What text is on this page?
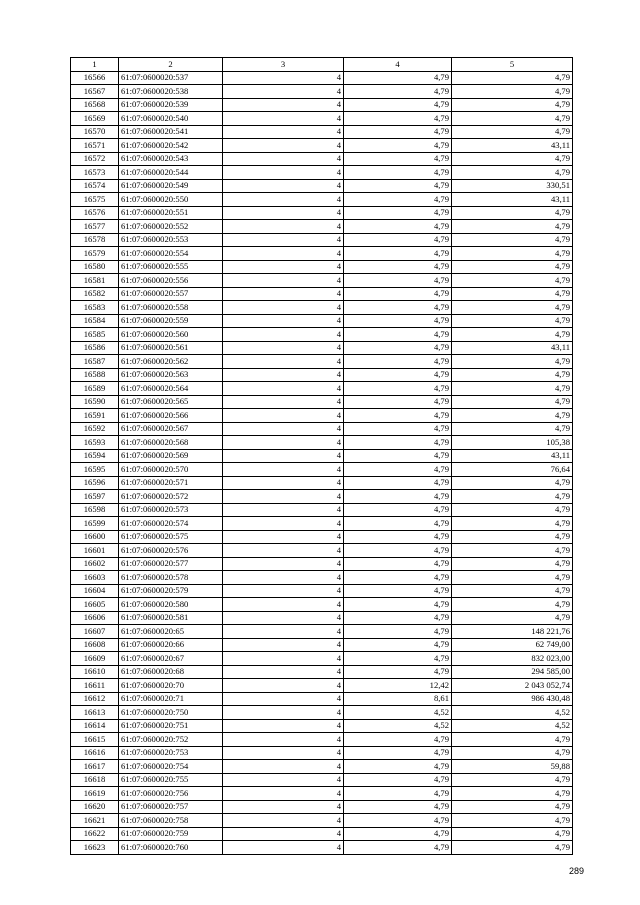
1	2	3	4	5
16566	61:07:0600020:537	4	4,79	4,79
16567	61:07:0600020:538	4	4,79	4,79
16568	61:07:0600020:539	4	4,79	4,79
16569	61:07:0600020:540	4	4,79	4,79
16570	61:07:0600020:541	4	4,79	4,79
16571	61:07:0600020:542	4	4,79	43,11
16572	61:07:0600020:543	4	4,79	4,79
16573	61:07:0600020:544	4	4,79	4,79
16574	61:07:0600020:549	4	4,79	330,51
16575	61:07:0600020:550	4	4,79	43,11
16576	61:07:0600020:551	4	4,79	4,79
16577	61:07:0600020:552	4	4,79	4,79
16578	61:07:0600020:553	4	4,79	4,79
16579	61:07:0600020:554	4	4,79	4,79
16580	61:07:0600020:555	4	4,79	4,79
16581	61:07:0600020:556	4	4,79	4,79
16582	61:07:0600020:557	4	4,79	4,79
16583	61:07:0600020:558	4	4,79	4,79
16584	61:07:0600020:559	4	4,79	4,79
16585	61:07:0600020:560	4	4,79	4,79
16586	61:07:0600020:561	4	4,79	43,11
16587	61:07:0600020:562	4	4,79	4,79
16588	61:07:0600020:563	4	4,79	4,79
16589	61:07:0600020:564	4	4,79	4,79
16590	61:07:0600020:565	4	4,79	4,79
16591	61:07:0600020:566	4	4,79	4,79
16592	61:07:0600020:567	4	4,79	4,79
16593	61:07:0600020:568	4	4,79	105,38
16594	61:07:0600020:569	4	4,79	43,11
16595	61:07:0600020:570	4	4,79	76,64
16596	61:07:0600020:571	4	4,79	4,79
16597	61:07:0600020:572	4	4,79	4,79
16598	61:07:0600020:573	4	4,79	4,79
16599	61:07:0600020:574	4	4,79	4,79
16600	61:07:0600020:575	4	4,79	4,79
16601	61:07:0600020:576	4	4,79	4,79
16602	61:07:0600020:577	4	4,79	4,79
16603	61:07:0600020:578	4	4,79	4,79
16604	61:07:0600020:579	4	4,79	4,79
16605	61:07:0600020:580	4	4,79	4,79
16606	61:07:0600020:581	4	4,79	4,79
16607	61:07:0600020:65	4	4,79	148 221,76
16608	61:07:0600020:66	4	4,79	62 749,00
16609	61:07:0600020:67	4	4,79	832 023,00
16610	61:07:0600020:68	4	4,79	294 585,00
16611	61:07:0600020:70	4	12,42	2 043 052,74
16612	61:07:0600020:71	4	8,61	986 430,48
16613	61:07:0600020:750	4	4,52	4,52
16614	61:07:0600020:751	4	4,52	4,52
16615	61:07:0600020:752	4	4,79	4,79
16616	61:07:0600020:753	4	4,79	4,79
16617	61:07:0600020:754	4	4,79	59,88
16618	61:07:0600020:755	4	4,79	4,79
16619	61:07:0600020:756	4	4,79	4,79
16620	61:07:0600020:757	4	4,79	4,79
16621	61:07:0600020:758	4	4,79	4,79
16622	61:07:0600020:759	4	4,79	4,79
16623	61:07:0600020:760	4	4,79	4,79
289
